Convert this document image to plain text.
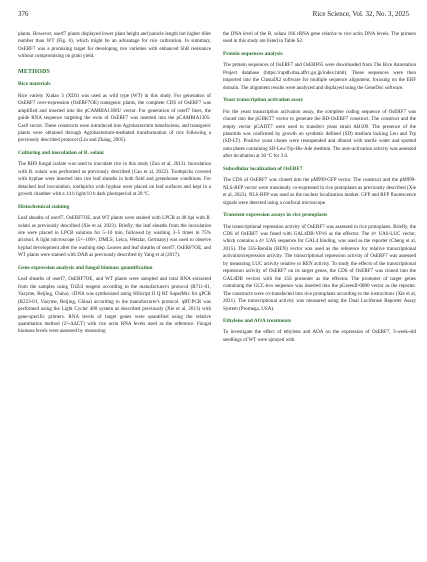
376	Rice Science, Vol. 32, No. 3, 2025

plants. However, oserf7 plants displayed lower plant height and panicle length but higher tiller number than WT (Fig. 6), which might be an advantage for rice cultivation. In summary, OsERF7 was a promising target for developing rice varieties with enhanced ShB resistance without compromising on grain yield.

METHODS
Rice materials

Rice variety Xudao 3 (XD3) was used as wild type (WT) in this study. For generation of OsERF7 over-expression (OsERF7OE) transgenic plants, the complete CDS of OsERF7 was amplified and inserted into the pCAMBIA1300U vector. For generation of oserf7 lines, the guide RNA sequence targeting the exon of OsERF7 was inserted into the pCAMBIA1305-Cas9 vector. These constructs were introduced into Agrobacterium tumefaciens, and transgenic plants were obtained through Agrobacterium-mediated transformation of rice following a previously described protocol (Lin and Zhang, 2005).

Culturing and inoculation of R. solani

The RH9 fungal isolate was used to inoculate rice in this study (Zuo et al, 2013). Inoculation with R. solani was performed as previously described (Cao et al, 2022). Toothpicks covered with hyphae were inserted into rice leaf sheaths in both field and greenhouse conditions. For detached leaf inoculation, toothpicks with hyphae were placed on leaf surfaces and kept in a growth chamber with a 14 h light/10 h dark photoperiod at 28 ºC.

Histochemical staining

Leaf sheaths of oserf7, OsERF7OE, and WT plants were stained with LPCB at 48 hpi with R. solani as previously described (Xie et al, 2023). Briefly, the leaf sheaths from the inoculation site were placed in LPCB solution for 5–10 min, followed by washing 3–5 times in 75% alcohol. A light microscope (5×–100×, DMLS, Leica, Wetzlar, Germany) was used to observe hyphal development after the washing step. Leaves and leaf sheaths of oserf7, OsERF7OE, and WT plants were stained with DAB as previously described by Yang et al (2017).

Gene expression analysis and fungal biomass quantification

Leaf sheaths of oserf7, OsERF7OE, and WT plants were sampled and total RNA extracted from the samples using TriZol reagent according to the manufacturer's protocol (R711-01, Vazyme, Beijing, China). cDNA was synthesized using HiScript II Q RT SuperMix for qPCR (R223-01, Vazyme, Beijing, China) according to the manufacturer's protocol. qRT-PCR was performed using the Light Cycler 480 system as described previously (Xie et al, 2013) with gene-specific primers. RNA levels of target genes were quantified using the relative quantitation method (2^-ΔΔCT) with rice actin RNA levels used as the reference. Fungal biomass levels were assessed by measuring

the DNA level of the R. solani 18S rRNA gene relative to rice actin DNA levels. The primers used in this study are listed in Table S2.

Protein sequences analysis

The protein sequences of OsERF7 and OsERF65 were downloaded from The Rice Annotation Project database (https://rapdb.dna.affrc.go.jp/index.html). These sequences were then imported into the ClustalX2 software for multiple sequence alignment, focusing on the ERF domain. The alignment results were analyzed and displayed using the GeneDoc software.

Yeast transcription activation assay

For the yeast transcription activation assay, the complete coding sequence of OsERF7 was cloned into the pGBKT7 vector to generate the BD-OsERF7 construct. The construct and the empty vector pGADT7 were used to transfect yeast strain AH109. The presence of the plasmids was confirmed by growth on synthetic defined (SD) medium lacking Leu and Trp (SD-LT). Positive yeast clones were resuspended and diluted with sterile water and spotted onto plates containing SD-Leu-Trp-His-Ade medium. The auto-activation activity was assessed after incubation at 30 ºC for 3 d.

Subcellular localization of OsERF7

The CDS of OsERF7 was cloned into the pM999-GFP vector. The construct and the pM999-NLS-RFP vector were transiently co-expressed in rice protoplasts as previously described (Xie et al, 2023). NLS-RFP was used as the nuclear localization marker. GFP and RFP fluorescence signals were detected using a confocal microscope.

Transient expression assays in rice protoplasts

The transcriptional repression activity of OsERF7 was assessed in rice protoplasts. Briefly, the CDS of OsERF7 was fused with GAL4DB-VP16 as the effector. The 4× UAS-LUC vector, which contains a 4× UAS sequence for GAL4 binding, was used as the reporter (Cheng et al, 2015). The 35S-Renilla (REN) vector was used as the reference for relative transcriptional activation/repression activity. The transcriptional repression activity of OsERF7 was assessed by measuring LUC activity relative to REN activity. To study the effects of the transcriptional repression activity of OsERF7 on its target genes, the CDS of OsERF7 was cloned into the GAL4DB vectors with the 35S promoter as the effector. The promoter of target genes containing the GCC-box sequence was inserted into the pGreenII-0800 vector as the reporter. The constructs were co-transfected into rice protoplasts according to the instructions (Xie et al, 2021). The transcriptional activity was measured using the Dual Luciferase Reporter Assay System (Promega, USA).

Ethylene and AOA treatments

To investigate the effect of ethylene and AOA on the expression of OsERF7, 3-week-old seedlings of WT were sprayed with
